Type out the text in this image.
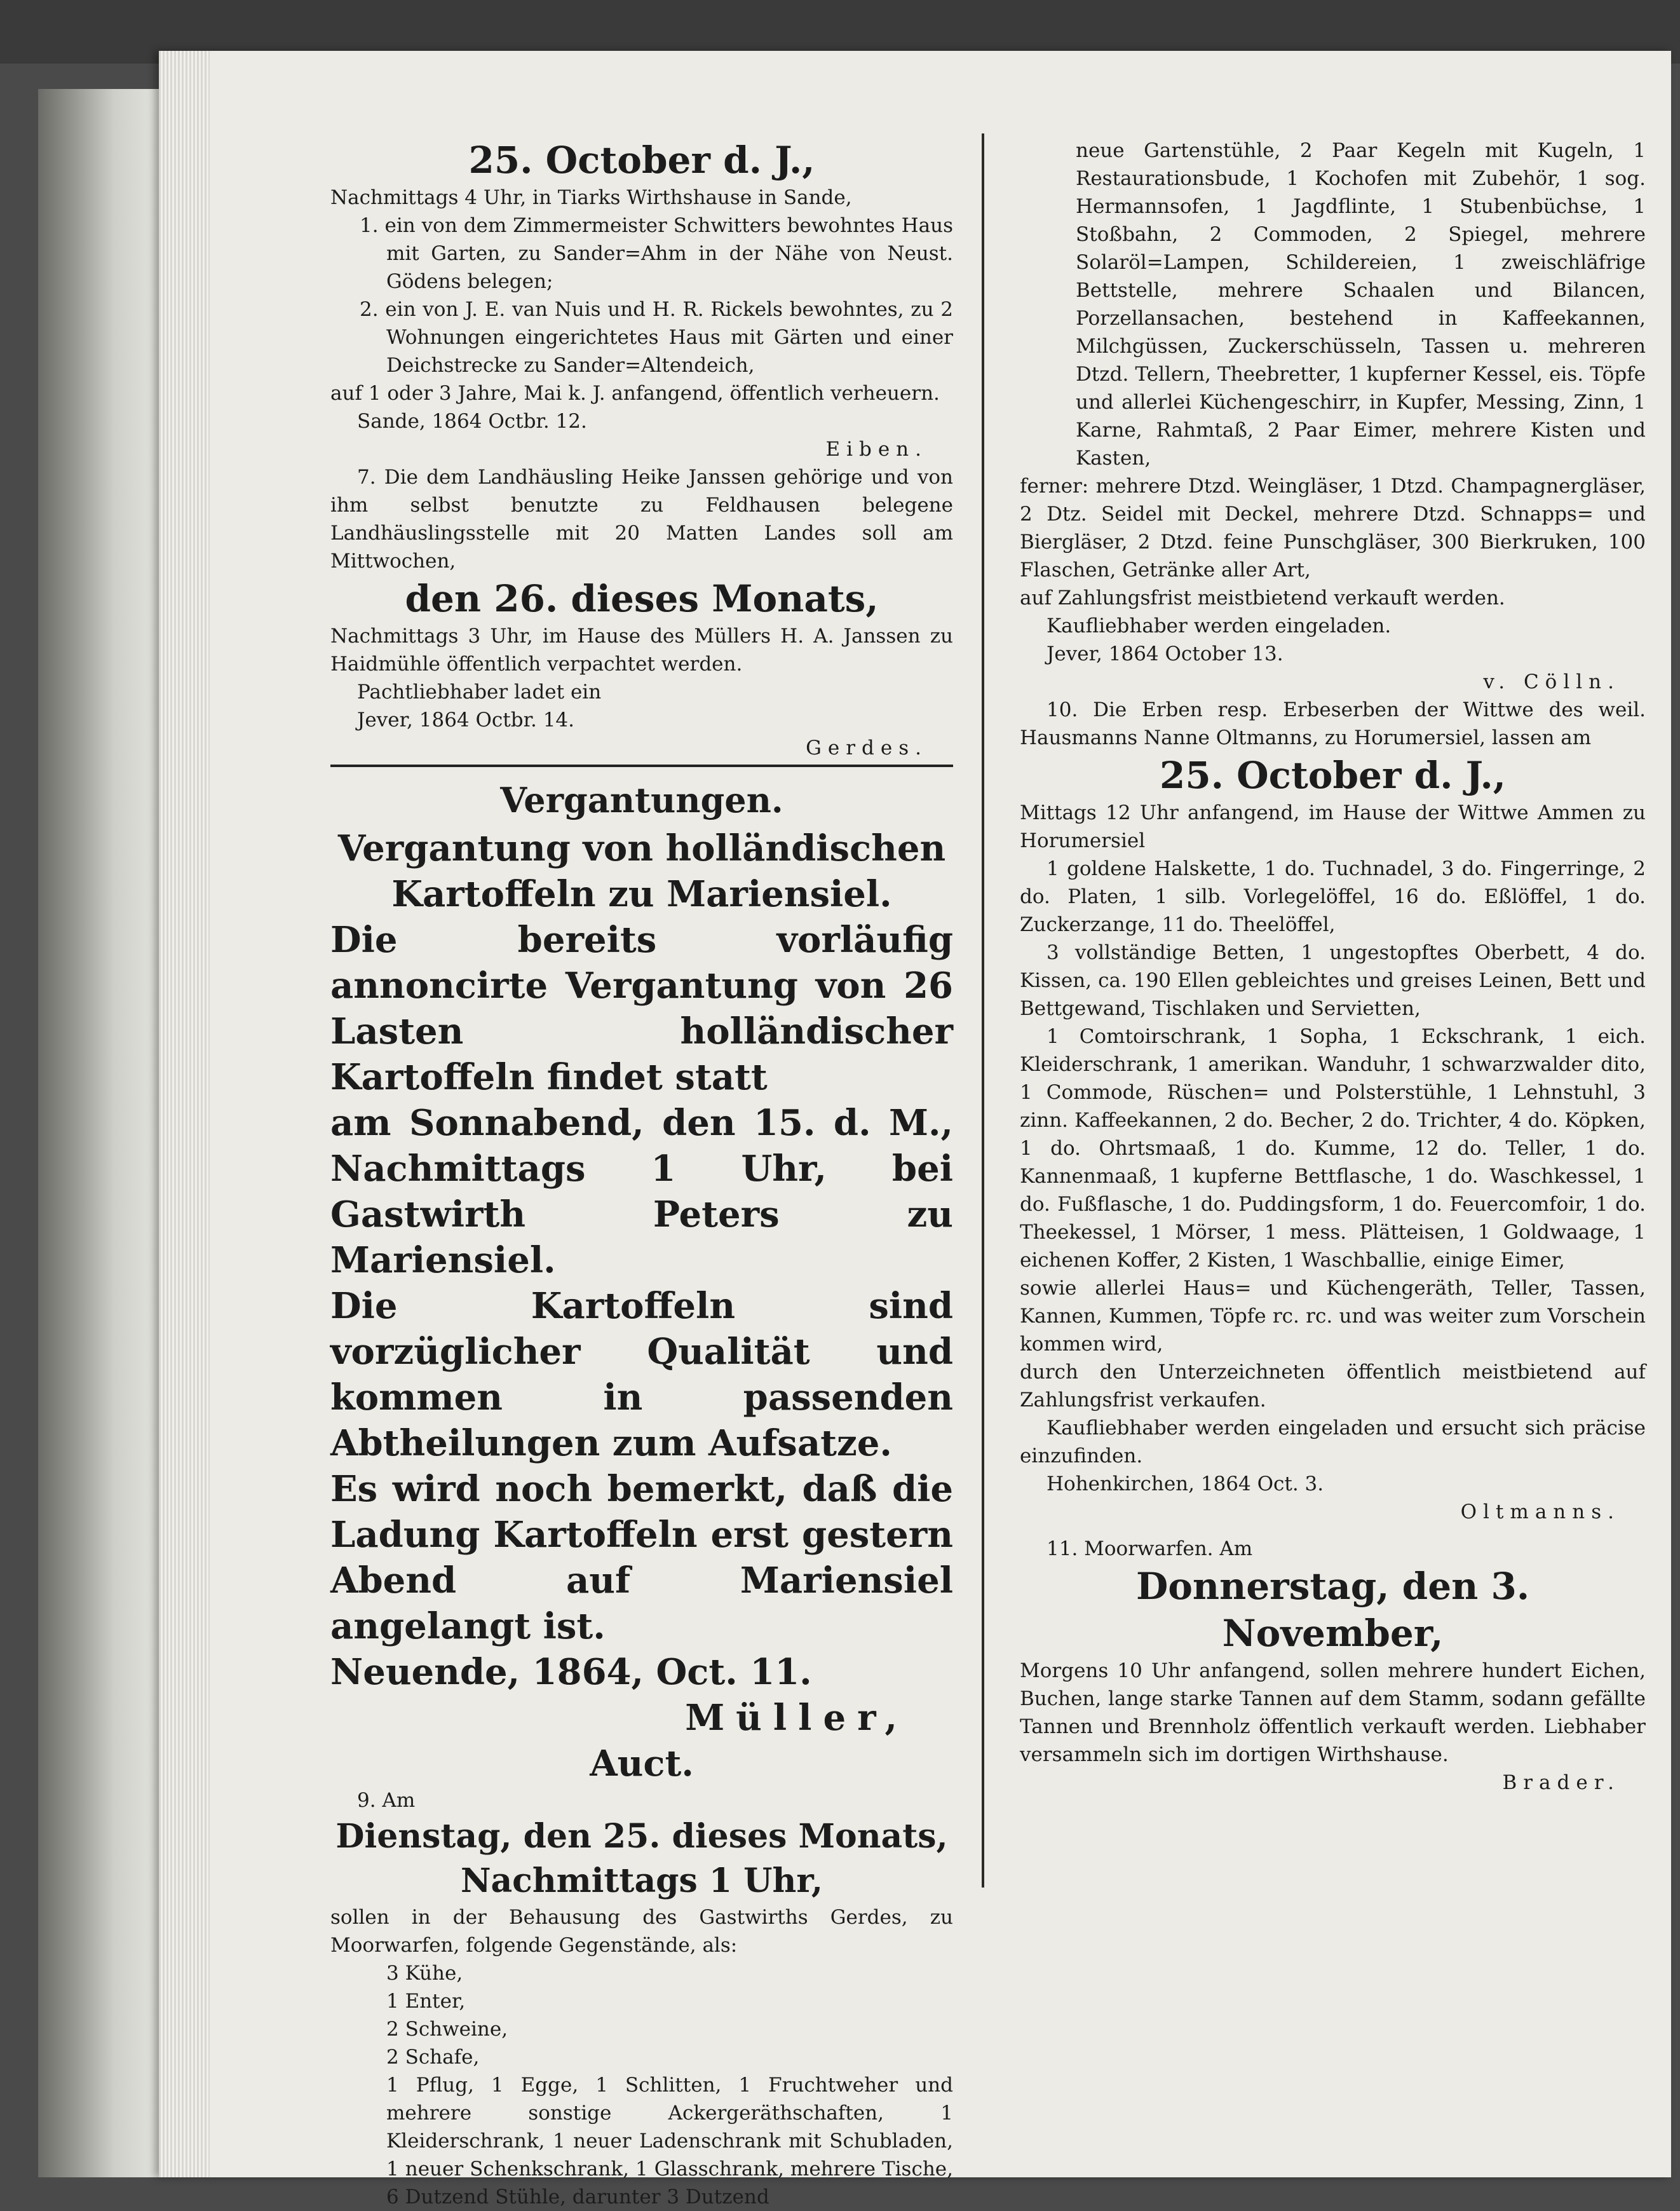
25. October d. J.,

Nachmittags 4 Uhr, in Tiarks Wirthshause in Sande,

1. ein von dem Zimmermeister Schwitters bewohntes Haus mit Garten, zu Sander=Ahm in der Nähe von Neust. Gödens belegen;

2. ein von J. E. van Nuis und H. R. Rickels bewohntes, zu 2 Wohnungen eingerichtetes Haus mit Gärten und einer Deichstrecke zu Sander=Altendeich,

auf 1 oder 3 Jahre, Mai k. J. anfangend, öffentlich verheuern.

Sande, 1864 Octbr. 12.

Eiben.

7. Die dem Landhäusling Heike Janssen gehörige und von ihm selbst benutzte zu Feldhausen belegene Landhäuslingsstelle mit 20 Matten Landes soll am Mittwochen,

den 26. dieses Monats,

Nachmittags 3 Uhr, im Hause des Müllers H. A. Janssen zu Haidmühle öffentlich verpachtet werden.

Pachtliebhaber ladet ein

Jever, 1864 Octbr. 14.

Gerdes.

Vergantungen.

Vergantung von holländischen Kartoffeln zu Mariensiel.

Die bereits vorläufig annoncirte Vergantung von 26 Lasten holländischer Kartoffeln findet statt

am Sonnabend, den 15. d. M., Nachmittags 1 Uhr, bei Gastwirth Peters zu Mariensiel.

Die Kartoffeln sind vorzüglicher Qualität und kommen in passenden Abtheilungen zum Aufsatze.

Es wird noch bemerkt, daß die Ladung Kartoffeln erst gestern Abend auf Mariensiel angelangt ist.

Neuende, 1864, Oct. 11.

Müller,

Auct.

9. Am

Dienstag, den 25. dieses Monats,

Nachmittags 1 Uhr,

sollen in der Behausung des Gastwirths Gerdes, zu Moorwarfen, folgende Gegenstände, als:

3 Kühe,

1 Enter,

2 Schweine,

2 Schafe,

1 Pflug, 1 Egge, 1 Schlitten, 1 Fruchtweher und mehrere sonstige Ackergeräthschaften, 1 Kleiderschrank, 1 neuer Ladenschrank mit Schubladen, 1 neuer Schenkschrank, 1 Glasschrank, mehrere Tische, 6 Dutzend Stühle, darunter 3 Dutzend

neue Gartenstühle, 2 Paar Kegeln mit Kugeln, 1 Restaurationsbude, 1 Kochofen mit Zubehör, 1 sog. Hermannsofen, 1 Jagdflinte, 1 Stubenbüchse, 1 Stoßbahn, 2 Commoden, 2 Spiegel, mehrere Solaröl=Lampen, Schildereien, 1 zweischläfrige Bettstelle, mehrere Schaalen und Bilancen, Porzellansachen, bestehend in Kaffeekannen, Milchgüssen, Zuckerschüsseln, Tassen u. mehreren Dtzd. Tellern, Theebretter, 1 kupferner Kessel, eis. Töpfe und allerlei Küchengeschirr, in Kupfer, Messing, Zinn, 1 Karne, Rahmtaß, 2 Paar Eimer, mehrere Kisten und Kasten,

ferner: mehrere Dtzd. Weingläser, 1 Dtzd. Champagnergläser, 2 Dtz. Seidel mit Deckel, mehrere Dtzd. Schnapps= und Biergläser, 2 Dtzd. feine Punschgläser, 300 Bierkruken, 100 Flaschen, Getränke aller Art,

auf Zahlungsfrist meistbietend verkauft werden.

Kaufliebhaber werden eingeladen.

Jever, 1864 October 13.

v. Cölln.

10. Die Erben resp. Erbeserben der Wittwe des weil. Hausmanns Nanne Oltmanns, zu Horumersiel, lassen am

25. October d. J.,

Mittags 12 Uhr anfangend, im Hause der Wittwe Ammen zu Horumersiel

1 goldene Halskette, 1 do. Tuchnadel, 3 do. Fingerringe, 2 do. Platen, 1 silb. Vorlegelöffel, 16 do. Eßlöffel, 1 do. Zuckerzange, 11 do. Theelöffel,

3 vollständige Betten, 1 ungestopftes Oberbett, 4 do. Kissen, ca. 190 Ellen gebleichtes und greises Leinen, Bett und Bettgewand, Tischlaken und Servietten,

1 Comtoirschrank, 1 Sopha, 1 Eckschrank, 1 eich. Kleiderschrank, 1 amerikan. Wanduhr, 1 schwarzwalder dito, 1 Commode, Rüschen= und Polsterstühle, 1 Lehnstuhl, 3 zinn. Kaffeekannen, 2 do. Becher, 2 do. Trichter, 4 do. Köpken, 1 do. Ohrtsmaaß, 1 do. Kumme, 12 do. Teller, 1 do. Kannenmaaß, 1 kupferne Bettflasche, 1 do. Waschkessel, 1 do. Fußflasche, 1 do. Puddingsform, 1 do. Feuercomfoir, 1 do. Theekessel, 1 Mörser, 1 mess. Plätteisen, 1 Goldwaage, 1 eichenen Koffer, 2 Kisten, 1 Waschballie, einige Eimer,

sowie allerlei Haus= und Küchengeräth, Teller, Tassen, Kannen, Kummen, Töpfe rc. rc. und was weiter zum Vorschein kommen wird,

durch den Unterzeichneten öffentlich meistbietend auf Zahlungsfrist verkaufen.

Kaufliebhaber werden eingeladen und ersucht sich präcise einzufinden.

Hohenkirchen, 1864 Oct. 3.

Oltmanns.

11. Moorwarfen. Am

Donnerstag, den 3. November,

Morgens 10 Uhr anfangend, sollen mehrere hundert Eichen, Buchen, lange starke Tannen auf dem Stamm, sodann gefällte Tannen und Brennholz öffentlich verkauft werden. Liebhaber versammeln sich im dortigen Wirthshause.

Brader.
